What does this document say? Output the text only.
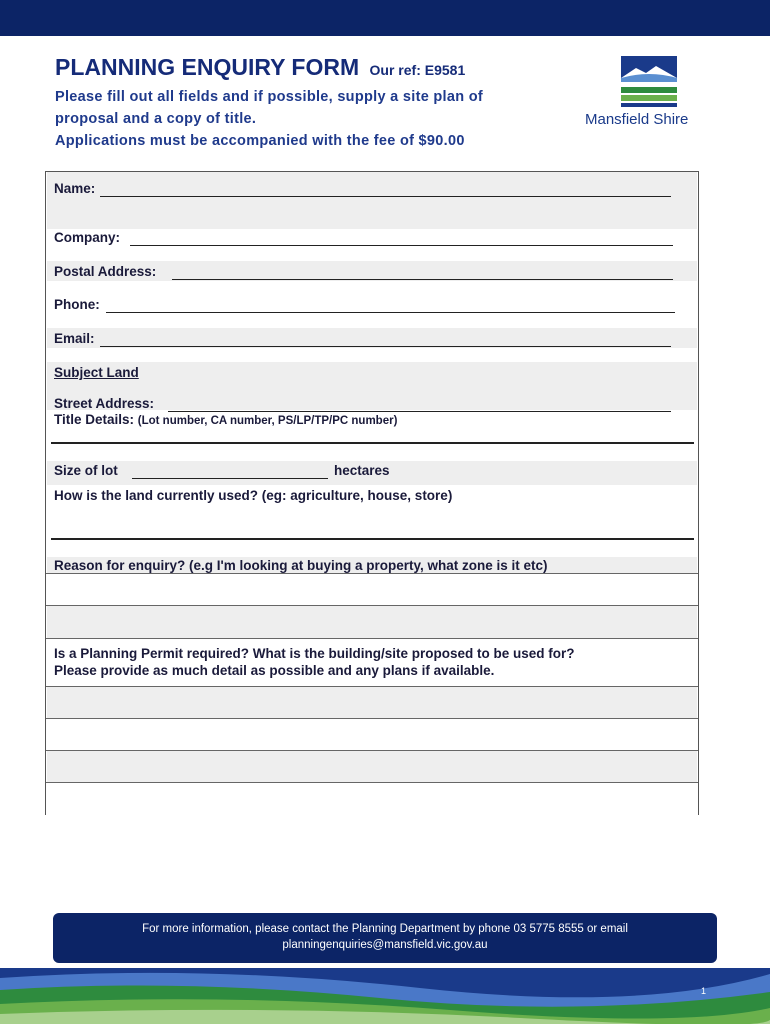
PLANNING ENQUIRY FORM Our ref: E9581
Please fill out all fields and if possible, supply a site plan of
proposal and a copy of title.
Applications must be accompanied with the fee of $90.00
Mansfield Shire
Name:
Company:
Postal Address:
Phone:
Email:
Subject Land
Street Address:
Title Details: (Lot number, CA number, PS/LP/TP/PC number)
Size of lot	hectares
How is the land currently used? (eg: agriculture, house, store)
Reason for enquiry? (e.g I'm looking at buying a property, what zone is it etc)
Is a Planning Permit required? What is the building/site proposed to be used for?
Please provide as much detail as possible and any plans if available.
For more information, please contact the Planning Department by phone 03 5775 8555 or email
planningenquiries@mansfield.vic.gov.au
1
